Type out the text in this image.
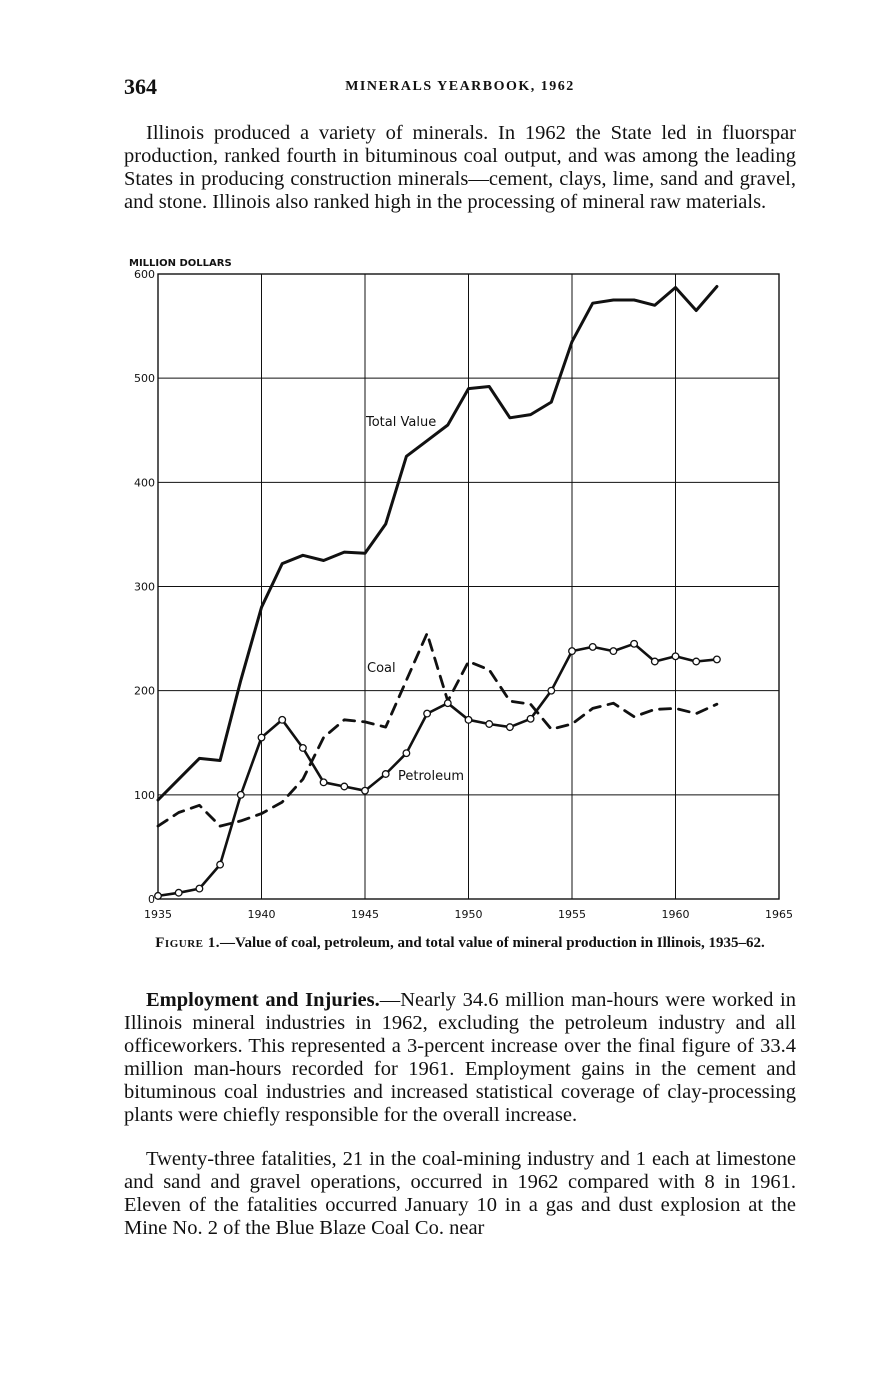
364	MINERALS YEARBOOK, 1962

Illinois produced a variety of minerals. In 1962 the State led in fluorspar production, ranked fourth in bituminous coal output, and was among the leading States in producing construction minerals—cement, clays, lime, sand and gravel, and stone. Illinois also ranked high in the processing of mineral raw materials.

1935	1940	1945	1950	1955	1960	1965
0
100
200
300
400
500
600
MILLION DOLLARS
Total Value
Coal
Petroleum
Figure 1.—Value of coal, petroleum, and total value of mineral production in Illinois, 1935–62.

Employment and Injuries.—Nearly 34.6 million man-hours were worked in Illinois mineral industries in 1962, excluding the petroleum industry and all officeworkers. This represented a 3-percent increase over the final figure of 33.4 million man-hours recorded for 1961. Employment gains in the cement and bituminous coal industries and increased statistical coverage of clay-processing plants were chiefly responsible for the overall increase.

Twenty-three fatalities, 21 in the coal-mining industry and 1 each at limestone and sand and gravel operations, occurred in 1962 compared with 8 in 1961. Eleven of the fatalities occurred January 10 in a gas and dust explosion at the Mine No. 2 of the Blue Blaze Coal Co. near
